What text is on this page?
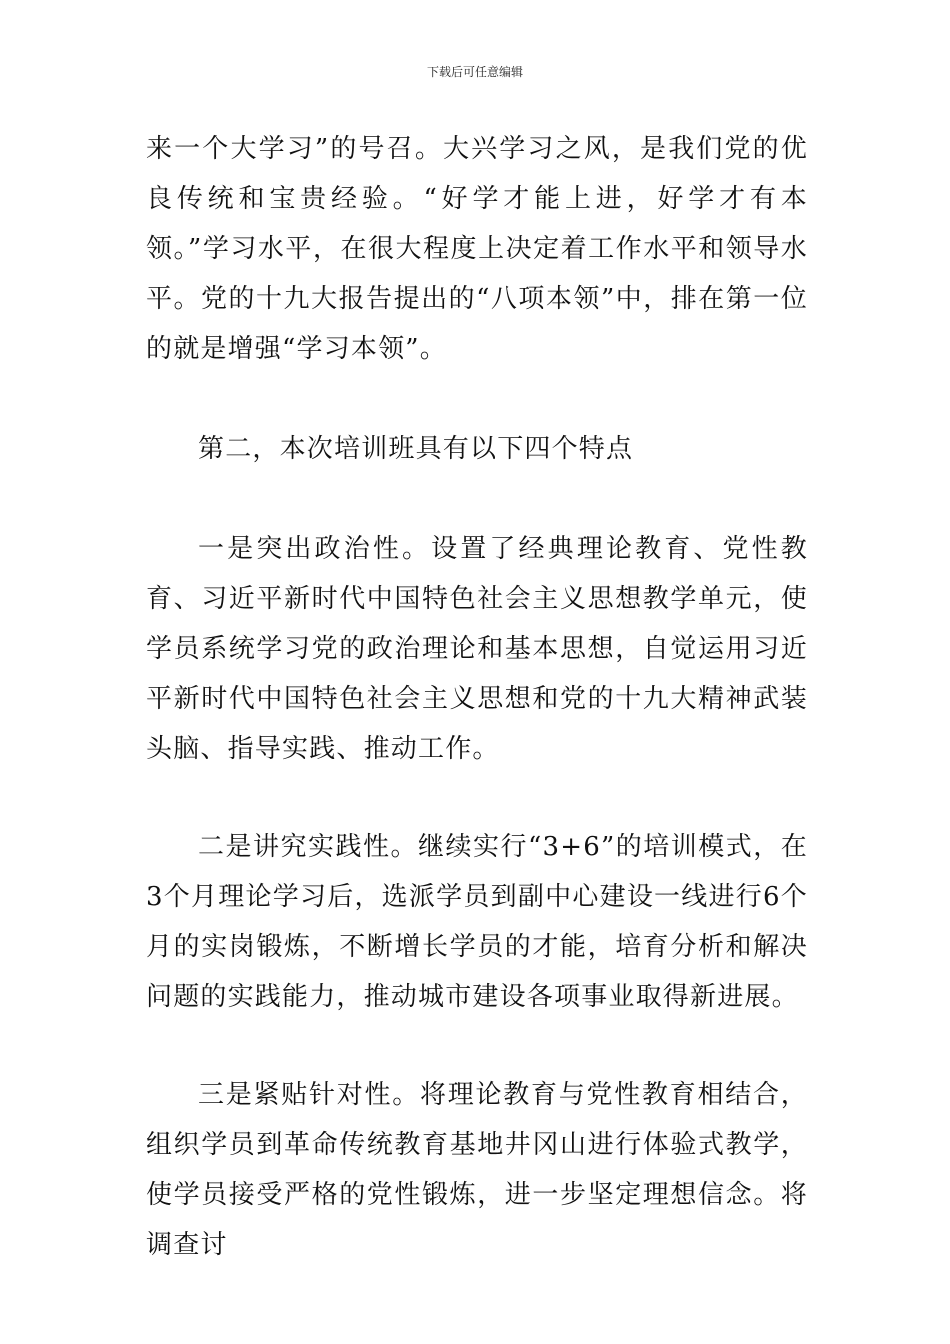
下载后可任意编辑

来一个大学习”的号召。大兴学习之风，是我们党的优良传统和宝贵经验。“好学才能上进，好学才有本领。”学习水平，在很大程度上决定着工作水平和领导水平。党的十九大报告提出的“八项本领”中，排在第一位的就是增强“学习本领”。

第二，本次培训班具有以下四个特点

一是突出政治性。设置了经典理论教育、党性教育、习近平新时代中国特色社会主义思想教学单元，使学员系统学习党的政治理论和基本思想，自觉运用习近平新时代中国特色社会主义思想和党的十九大精神武装头脑、指导实践、推动工作。

二是讲究实践性。继续实行“3+6”的培训模式，在3个月理论学习后，选派学员到副中心建设一线进行6个月的实岗锻炼，不断增长学员的才能，培育分析和解决问题的实践能力，推动城市建设各项事业取得新进展。

三是紧贴针对性。将理论教育与党性教育相结合，组织学员到革命传统教育基地井冈山进行体验式教学，使学员接受严格的党性锻炼，进一步坚定理想信念。将调查讨
